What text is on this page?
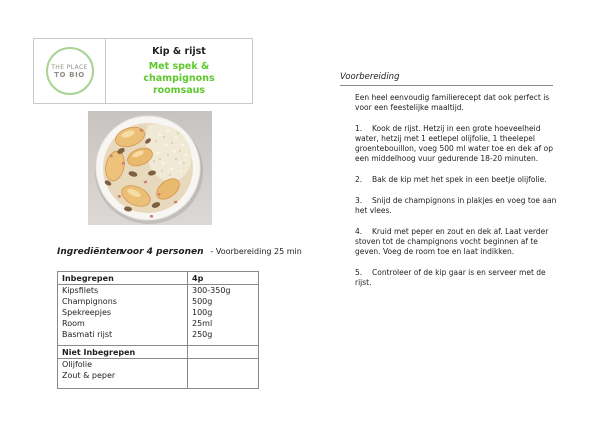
THE PLACE
TO BIO
Kip & rijst
Met spek & champignons roomsaus
Ingrediënten voor 4 personen - Voorbereiding 25 min
Inbegrepen	4p
Kipsfilets	300-350g
Champignons	500g
Spekreepjes	100g
Room	25ml
Basmati rijst	250g

Niet Inbegrepen	
Olijfolie	
Zout & peper	

Voorbereiding

Een heel eenvoudig familierecept dat ook perfect is voor een feestelijke maaltijd.

1. Kook de rijst. Hetzij in een grote hoeveelheid water, hetzij met 1 eetlepel olijfolie, 1 theelepel groentebouillon, voeg 500 ml water toe en dek af op een middelhoog vuur gedurende 18-20 minuten.

2. Bak de kip met het spek in een beetje olijfolie.

3. Snijd de champignons in plakjes en voeg toe aan het vlees.

4. Kruid met peper en zout en dek af. Laat verder stoven tot de champignons vocht beginnen af te geven. Voeg de room toe en laat indikken.

5. Controleer of de kip gaar is en serveer met de rijst.
